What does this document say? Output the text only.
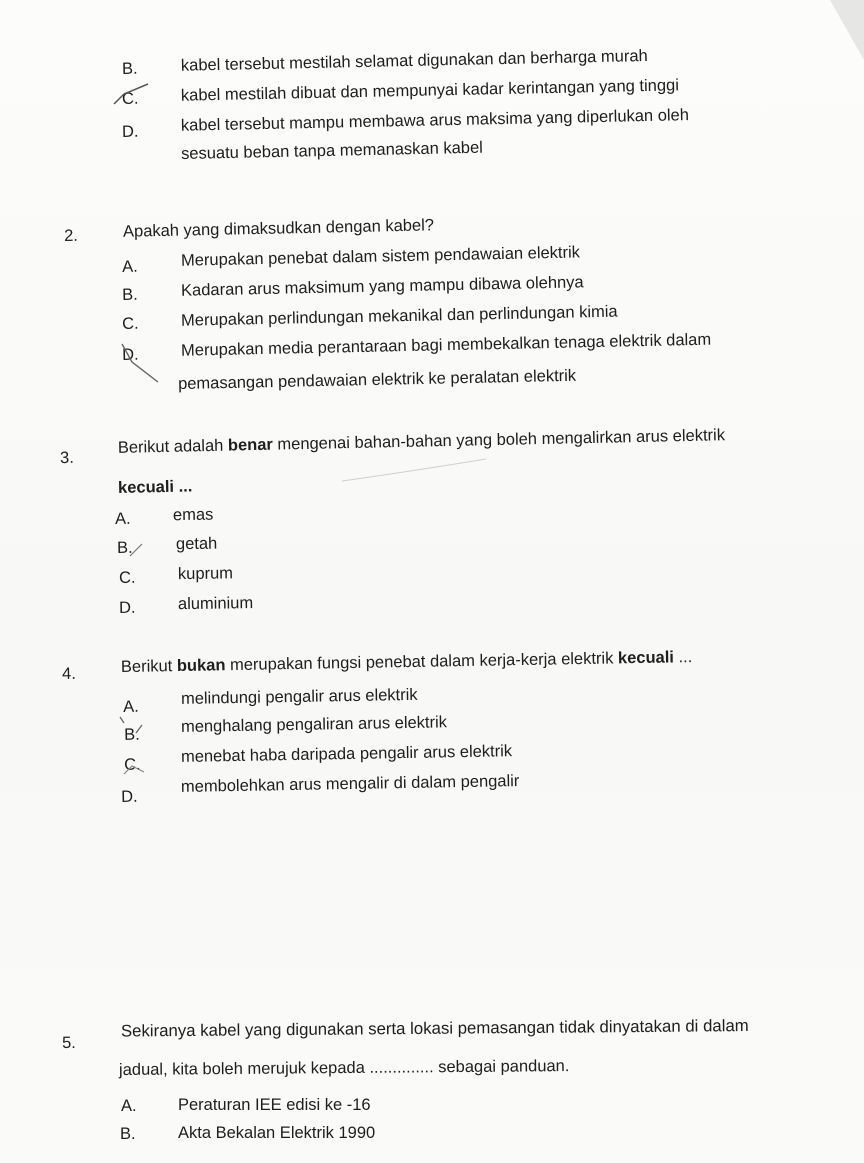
B.	kabel tersebut mestilah selamat digunakan dan berharga murah
C.	kabel mestilah dibuat dan mempunyai kadar kerintangan yang tinggi
D.	kabel tersebut mampu membawa arus maksima yang diperlukan oleh
sesuatu beban tanpa memanaskan kabel
2.	Apakah yang dimaksudkan dengan kabel?
A.	Merupakan penebat dalam sistem pendawaian elektrik
B.	Kadaran arus maksimum yang mampu dibawa olehnya
C.	Merupakan perlindungan mekanikal dan perlindungan kimia
D.	Merupakan media perantaraan bagi membekalkan tenaga elektrik dalam
pemasangan pendawaian elektrik ke peralatan elektrik
3.
Berikut adalah benar mengenai bahan-bahan yang boleh mengalirkan arus elektrik
kecuali ...
A.	emas
B.	getah
C.	kuprum
D.	aluminium
4.	Berikut bukan merupakan fungsi penebat dalam kerja-kerja elektrik kecuali ...
A.	melindungi pengalir arus elektrik
B. menghalang pengaliran arus elektrik
C. menebat haba daripada pengalir arus elektrik
D.
membolehkan arus mengalir di dalam pengalir
5.
Sekiranya kabel yang digunakan serta lokasi pemasangan tidak dinyatakan di dalam
jadual, kita boleh merujuk kepada .............. sebagai panduan.
A.	Peraturan IEE edisi ke -16
B.	Akta Bekalan Elektrik 1990
